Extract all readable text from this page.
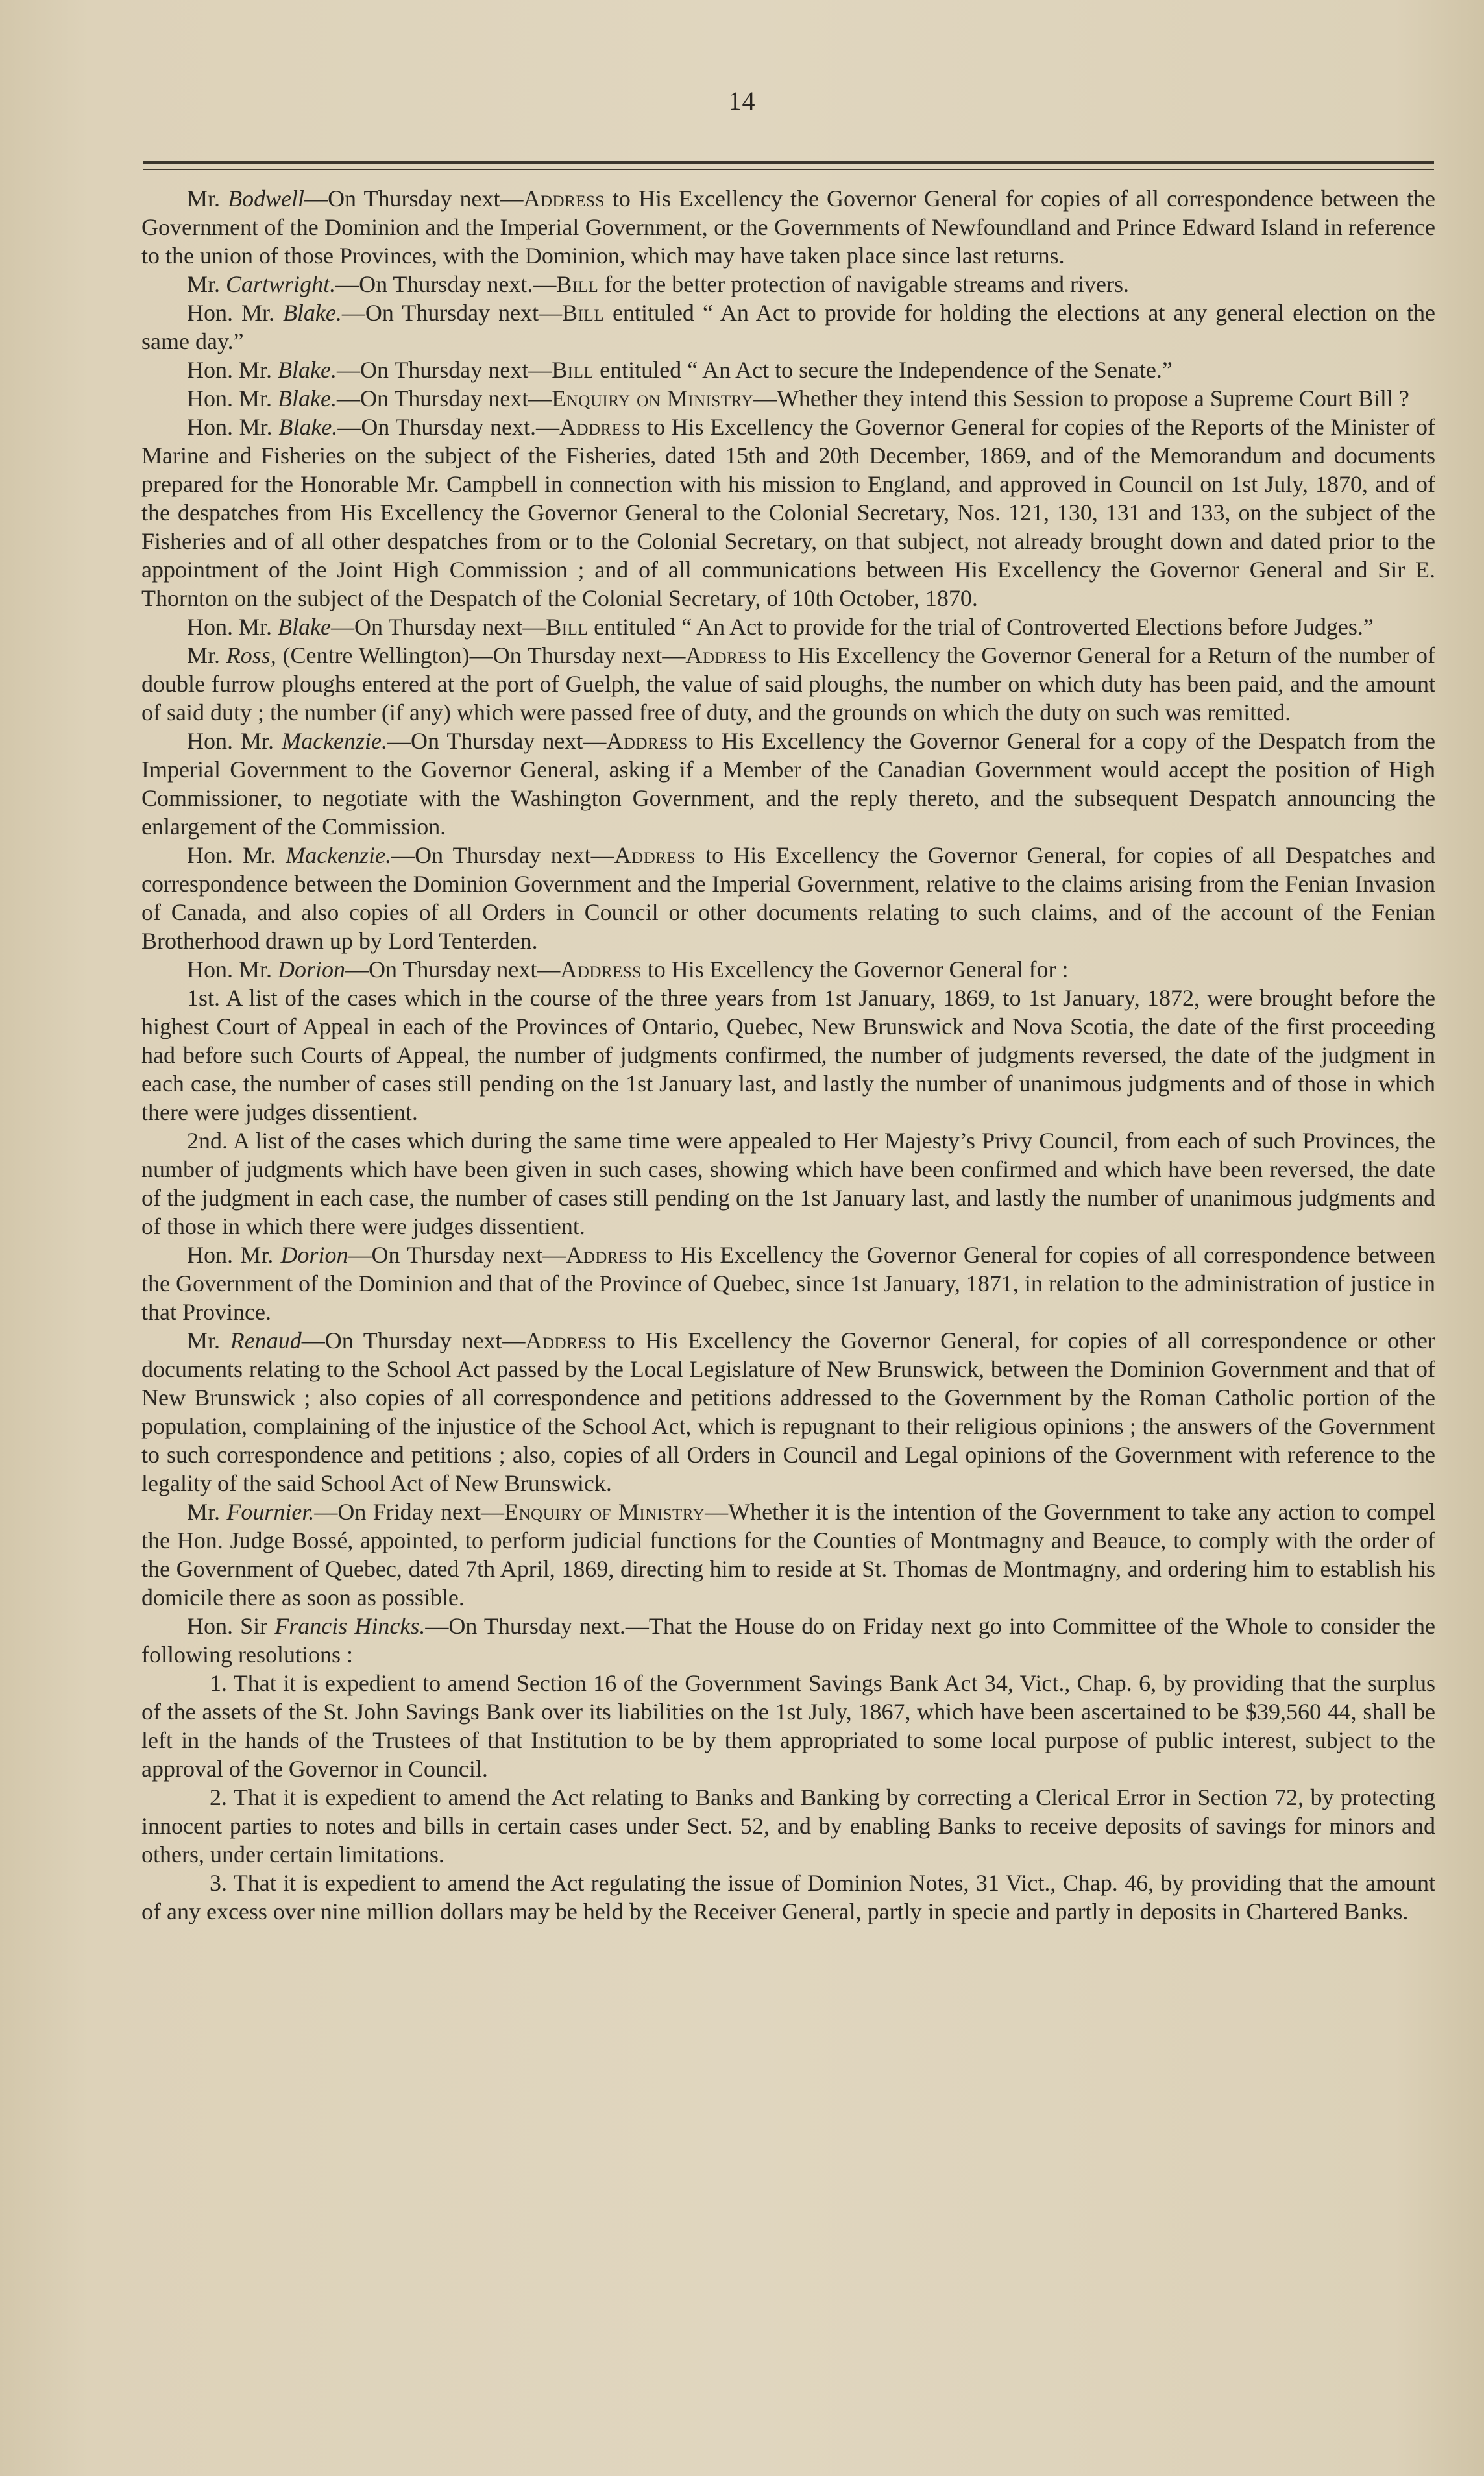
14
Mr. Bodwell—On Thursday next—Address to His Excellency the Governor General for copies of all correspondence between the Government of the Dominion and the Imperial Government, or the Governments of Newfoundland and Prince Edward Island in reference to the union of those Provinces, with the Dominion, which may have taken place since last returns.
Mr. Cartwright.—On Thursday next.—Bill for the better protection of navigable streams and rivers.
Hon. Mr. Blake.—On Thursday next—Bill entituled “ An Act to provide for holding the elections at any general election on the same day.”
Hon. Mr. Blake.—On Thursday next—Bill entituled “ An Act to secure the Independence of the Senate.”
Hon. Mr. Blake.—On Thursday next—Enquiry on Ministry—Whether they intend this Session to propose a Supreme Court Bill ?
Hon. Mr. Blake.—On Thursday next.—Address to His Excellency the Governor General for copies of the Reports of the Minister of Marine and Fisheries on the subject of the Fisheries, dated 15th and 20th December, 1869, and of the Memorandum and documents prepared for the Honorable Mr. Campbell in connection with his mission to England, and approved in Council on 1st July, 1870, and of the despatches from His Excellency the Governor General to the Colonial Secretary, Nos. 121, 130, 131 and 133, on the subject of the Fisheries and of all other despatches from or to the Colonial Secretary, on that subject, not already brought down and dated prior to the appointment of the Joint High Commission ; and of all communications between His Excellency the Governor General and Sir E. Thornton on the subject of the Despatch of the Colonial Secretary, of 10th October, 1870.
Hon. Mr. Blake—On Thursday next—Bill entituled “ An Act to provide for the trial of Controverted Elections before Judges.”
Mr. Ross, (Centre Wellington)—On Thursday next—Address to His Excellency the Governor General for a Return of the number of double furrow ploughs entered at the port of Guelph, the value of said ploughs, the number on which duty has been paid, and the amount of said duty ; the number (if any) which were passed free of duty, and the grounds on which the duty on such was remitted.
Hon. Mr. Mackenzie.—On Thursday next—Address to His Excellency the Governor General for a copy of the Despatch from the Imperial Government to the Governor General, asking if a Member of the Canadian Government would accept the position of High Commissioner, to negotiate with the Washington Government, and the reply thereto, and the subsequent Despatch announcing the enlargement of the Commission.
Hon. Mr. Mackenzie.—On Thursday next—Address to His Excellency the Governor General, for copies of all Despatches and correspondence between the Dominion Government and the Imperial Government, relative to the claims arising from the Fenian Invasion of Canada, and also copies of all Orders in Council or other documents relating to such claims, and of the account of the Fenian Brotherhood drawn up by Lord Tenterden.
Hon. Mr. Dorion—On Thursday next—Address to His Excellency the Governor General for :
1st. A list of the cases which in the course of the three years from 1st January, 1869, to 1st January, 1872, were brought before the highest Court of Appeal in each of the Provinces of Ontario, Quebec, New Brunswick and Nova Scotia, the date of the first proceeding had before such Courts of Appeal, the number of judgments confirmed, the number of judgments reversed, the date of the judgment in each case, the number of cases still pending on the 1st January last, and lastly the number of unanimous judgments and of those in which there were judges dissentient.
2nd. A list of the cases which during the same time were appealed to Her Majesty’s Privy Council, from each of such Provinces, the number of judgments which have been given in such cases, showing which have been confirmed and which have been reversed, the date of the judgment in each case, the number of cases still pending on the 1st January last, and lastly the number of unanimous judgments and of those in which there were judges dissentient.
Hon. Mr. Dorion—On Thursday next—Address to His Excellency the Governor General for copies of all correspondence between the Government of the Dominion and that of the Province of Quebec, since 1st January, 1871, in relation to the administration of justice in that Province.
Mr. Renaud—On Thursday next—Address to His Excellency the Governor General, for copies of all correspondence or other documents relating to the School Act passed by the Local Legislature of New Brunswick, between the Dominion Government and that of New Brunswick ; also copies of all correspondence and petitions addressed to the Government by the Roman Catholic portion of the population, complaining of the injustice of the School Act, which is repugnant to their religious opinions ; the answers of the Government to such correspondence and petitions ; also, copies of all Orders in Council and Legal opinions of the Government with reference to the legality of the said School Act of New Brunswick.
Mr. Fournier.—On Friday next—Enquiry of Ministry—Whether it is the intention of the Government to take any action to compel the Hon. Judge Bossé, appointed, to perform judicial functions for the Counties of Montmagny and Beauce, to comply with the order of the Government of Quebec, dated 7th April, 1869, directing him to reside at St. Thomas de Montmagny, and ordering him to establish his domicile there as soon as possible.
Hon. Sir Francis Hincks.—On Thursday next.—That the House do on Friday next go into Committee of the Whole to consider the following resolutions :
1. That it is expedient to amend Section 16 of the Government Savings Bank Act 34, Vict., Chap. 6, by providing that the surplus of the assets of the St. John Savings Bank over its liabilities on the 1st July, 1867, which have been ascertained to be $39,560 44, shall be left in the hands of the Trustees of that Institution to be by them appropriated to some local purpose of public interest, subject to the approval of the Governor in Council.
2. That it is expedient to amend the Act relating to Banks and Banking by correcting a Clerical Error in Section 72, by protecting innocent parties to notes and bills in certain cases under Sect. 52, and by enabling Banks to receive deposits of savings for minors and others, under certain limitations.
3. That it is expedient to amend the Act regulating the issue of Dominion Notes, 31 Vict., Chap. 46, by providing that the amount of any excess over nine million dollars may be held by the Receiver General, partly in specie and partly in deposits in Chartered Banks.
